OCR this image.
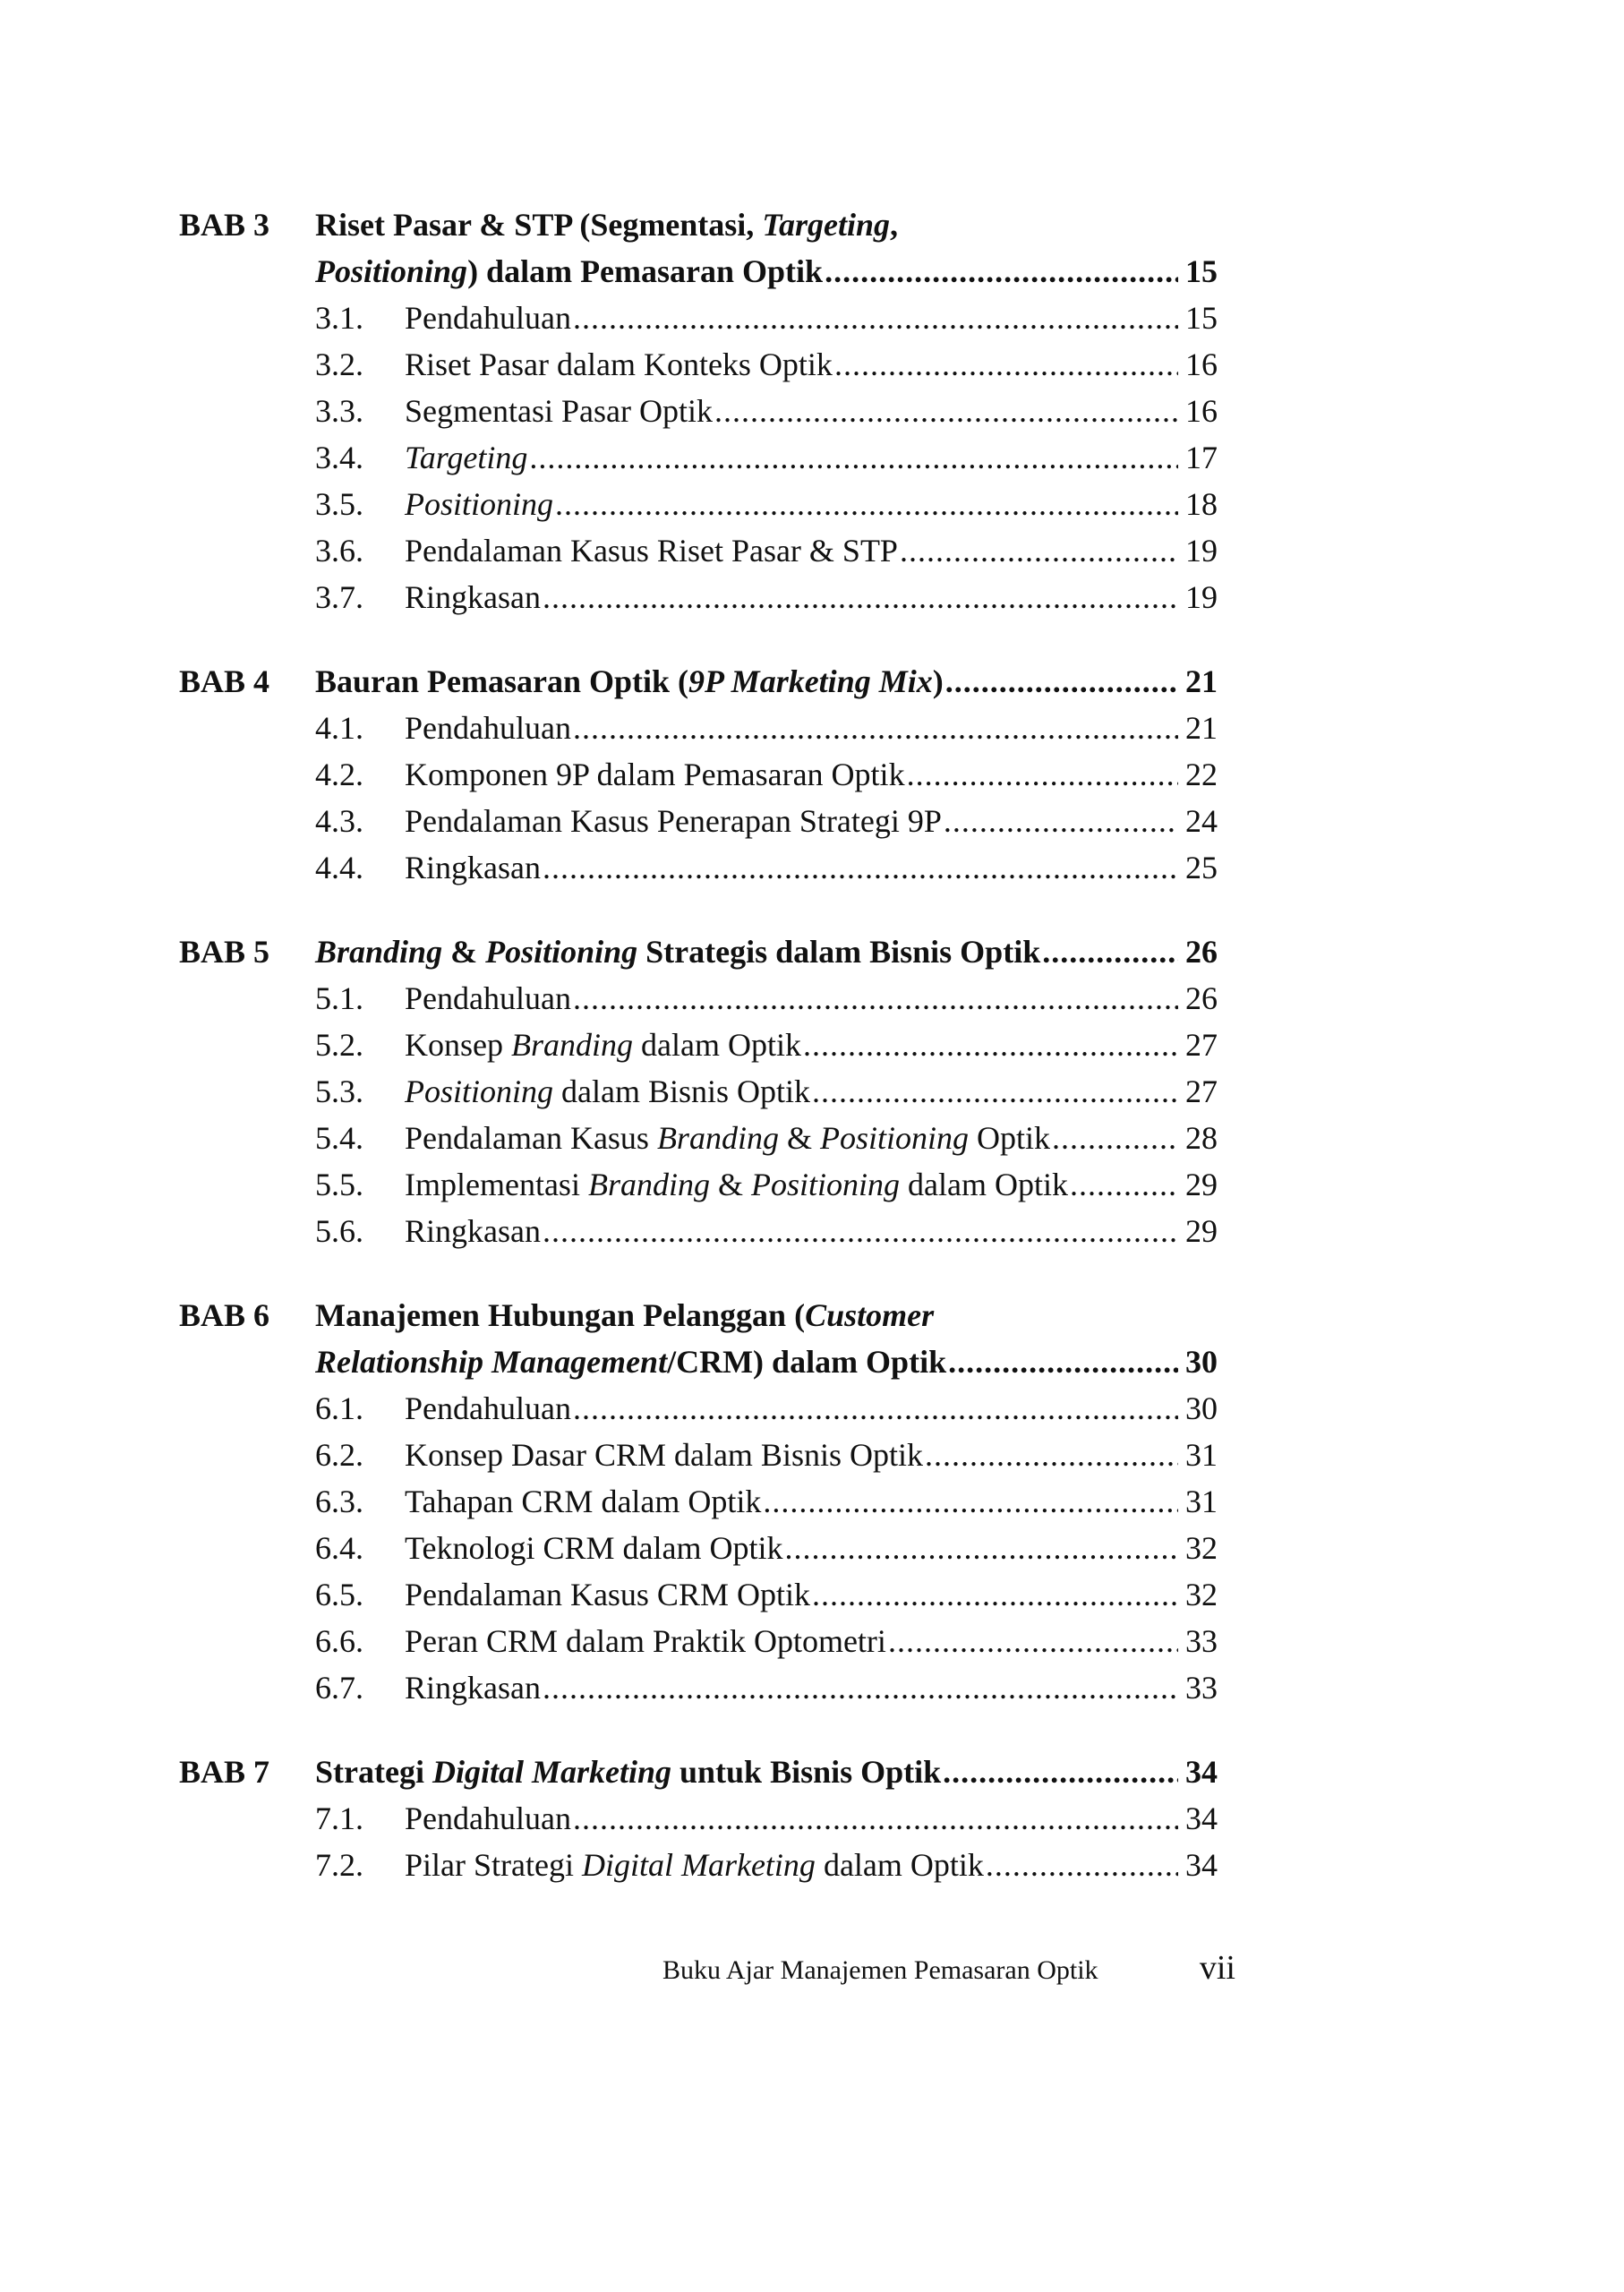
BAB 3	Riset Pasar & STP (Segmentasi, Targeting,
Positioning ) dalam Pemasaran Optik .....	15
3.1.	Pendahuluan .....	15
3.2.	Riset Pasar dalam Konteks Optik .....	16
3.3.	Segmentasi Pasar Optik .....	16
3.4.	Targeting .....	17
3.5.	Positioning .....	18
3.6.	Pendalaman Kasus Riset Pasar & STP .....	19
3.7.	Ringkasan .....	19
BAB 4	Bauran Pemasaran Optik (9P Marketing Mix) .....	21
4.1.	Pendahuluan .....	21
4.2.	Komponen 9P dalam Pemasaran Optik .....	22
4.3.	Pendalaman Kasus Penerapan Strategi 9P .....	24
4.4.	Ringkasan .....	25
BAB 5	Branding & Positioning Strategis dalam Bisnis Optik .....	26
5.1.	Pendahuluan .....	26
5.2.	Konsep Branding dalam Optik .....	27
5.3.	Positioning dalam Bisnis Optik .....	27
5.4.	Pendalaman Kasus Branding & Positioning Optik .....	28
5.5.	Implementasi Branding & Positioning dalam Optik .....	29
5.6.	Ringkasan .....	29
BAB 6	Manajemen Hubungan Pelanggan (Customer
Relationship Management /CRM) dalam Optik .....	30
6.1.	Pendahuluan .....	30
6.2.	Konsep Dasar CRM dalam Bisnis Optik .....	31
6.3.	Tahapan CRM dalam Optik .....	31
6.4.	Teknologi CRM dalam Optik .....	32
6.5.	Pendalaman Kasus CRM Optik .....	32
6.6.	Peran CRM dalam Praktik Optometri .....	33
6.7.	Ringkasan .....	33
BAB 7	Strategi Digital Marketing untuk Bisnis Optik .....	34
7.1.	Pendahuluan .....	34
7.2.	Pilar Strategi Digital Marketing dalam Optik .....	34
Buku Ajar Manajemen Pemasaran Optik	vii
